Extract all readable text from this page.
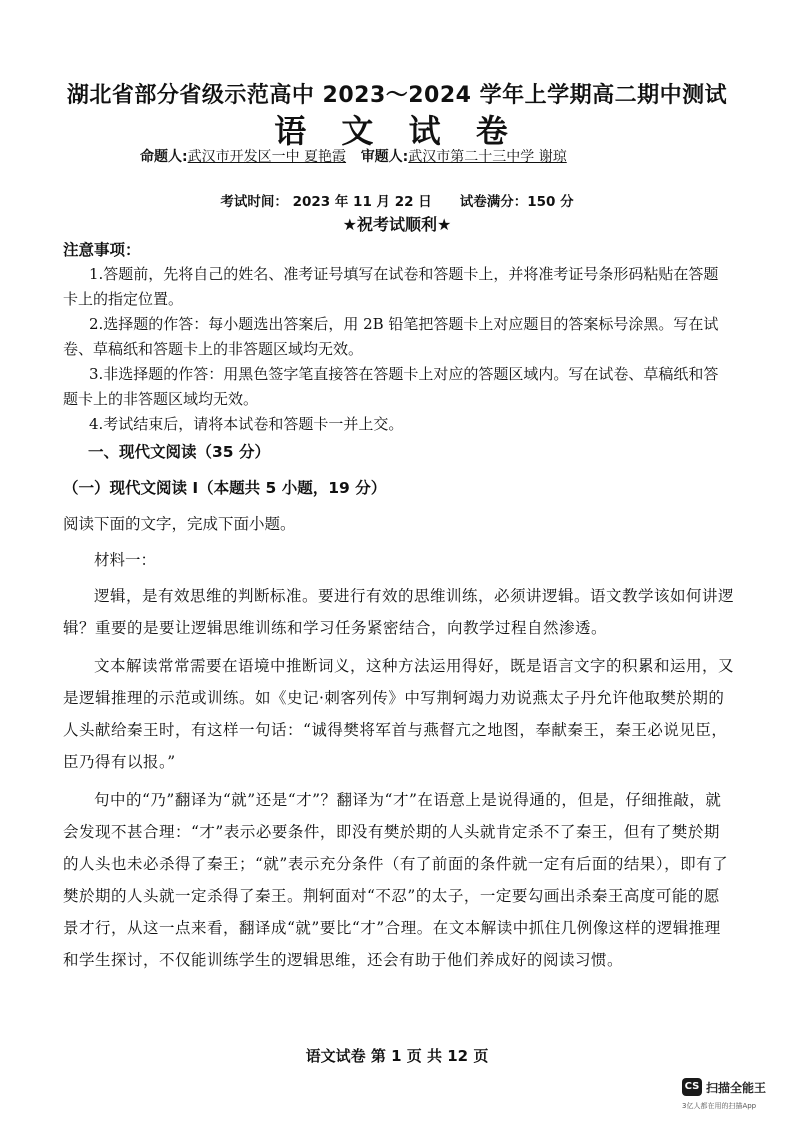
湖北省部分省级示范高中 2023～2024 学年上学期高二期中测试
语 文 试 卷
命题人:武汉市开发区一中 夏艳霞 审题人:武汉市第二十三中学 谢琼
考试时间： 2023 年 11 月 22 日 试卷满分：150 分
★祝考试顺利★
注意事项：

1.答题前，先将自己的姓名、准考证号填写在试卷和答题卡上，并将准考证号条形码粘贴在答题卡上的指定位置。

2.选择题的作答：每小题选出答案后，用 2B 铅笔把答题卡上对应题目的答案标号涂黑。写在试卷、草稿纸和答题卡上的非答题区域均无效。

3.非选择题的作答：用黑色签字笔直接答在答题卡上对应的答题区域内。写在试卷、草稿纸和答题卡上的非答题区域均无效。

4.考试结束后，请将本试卷和答题卡一并上交。

一、现代文阅读（35 分）
（一）现代文阅读 I（本题共 5 小题，19 分）
阅读下面的文字，完成下面小题。
材料一：

逻辑，是有效思维的判断标准。要进行有效的思维训练，必须讲逻辑。语文教学该如何讲逻辑？重要的是要让逻辑思维训练和学习任务紧密结合，向教学过程自然渗透。

文本解读常常需要在语境中推断词义，这种方法运用得好，既是语言文字的积累和运用，又是逻辑推理的示范或训练。如《史记·刺客列传》中写荆轲竭力劝说燕太子丹允许他取樊於期的人头献给秦王时，有这样一句话：“诚得樊将军首与燕督亢之地图，奉献秦王，秦王必说见臣，臣乃得有以报。”

句中的“乃”翻译为“就”还是“才”？翻译为“才”在语意上是说得通的，但是，仔细推敲，就会发现不甚合理：“才”表示必要条件，即没有樊於期的人头就肯定杀不了秦王，但有了樊於期的人头也未必杀得了秦王；“就”表示充分条件（有了前面的条件就一定有后面的结果），即有了樊於期的人头就一定杀得了秦王。荆轲面对“不忍”的太子，一定要勾画出杀秦王高度可能的愿景才行，从这一点来看，翻译成“就”要比“才”合理。在文本解读中抓住几例像这样的逻辑推理和学生探讨，不仅能训练学生的逻辑思维，还会有助于他们养成好的阅读习惯。

语文试卷 第 1 页 共 12 页
CS 扫描全能王
3亿人都在用的扫描App
